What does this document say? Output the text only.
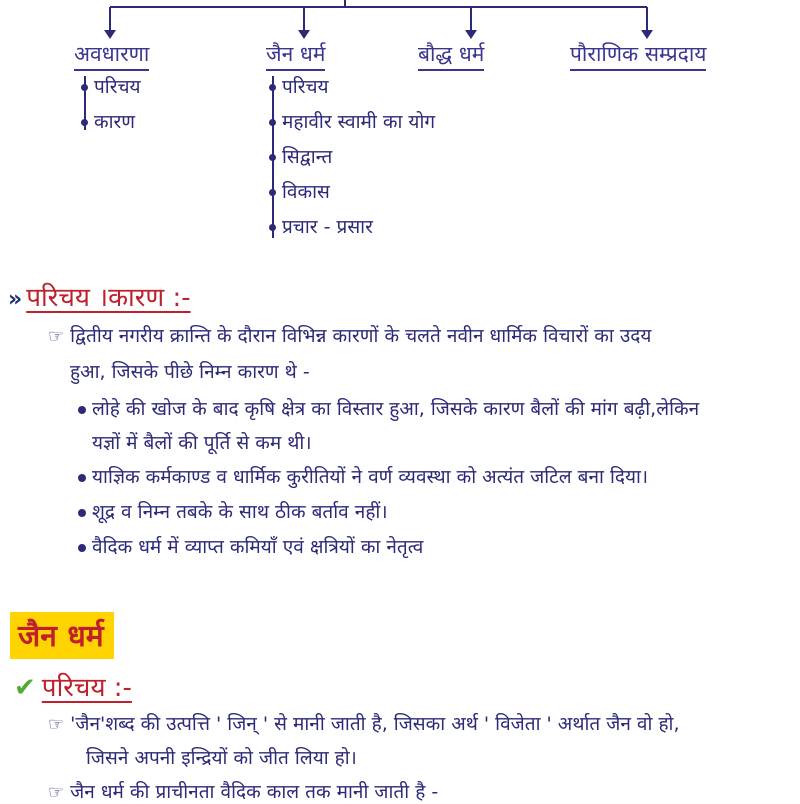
अवधारणा	जैन धर्म	बौद्ध धर्म	पौराणिक सम्प्रदाय
परिचय
कारण
परिचय
महावीर स्वामी का योग
सिद्वान्त
विकास
प्रचार - प्रसार
» परिचय ।कारण :-
☞ द्वितीय नगरीय क्रान्ति के दौरान विभिन्न कारणों के चलते नवीन धार्मिक विचारों का उदय
हुआ, जिसके पीछे निम्न कारण थे -
लोहे की खोज के बाद कृषि क्षेत्र का विस्तार हुआ, जिसके कारण बैलों की मांग बढ़ी,लेकिन
यज्ञों में बैलों की पूर्ति से कम थी।
याज्ञिक कर्मकाण्ड व धार्मिक कुरीतियों ने वर्ण व्यवस्था को अत्यंत जटिल बना दिया।
शूद्र व निम्न तबके के साथ ठीक बर्ताव नहीं।
वैदिक धर्म में व्याप्त कमियाँ एवं क्षत्रियों का नेतृत्व
जैन धर्म
✔ परिचय :-
☞ 'जैन'शब्द की उत्पत्ति ' जिन् ' से मानी जाती है, जिसका अर्थ ' विजेता ' अर्थात जैन वो हो,
जिसने अपनी इन्द्रियों को जीत लिया हो।
☞ जैन धर्म की प्राचीनता वैदिक काल तक मानी जाती है -
